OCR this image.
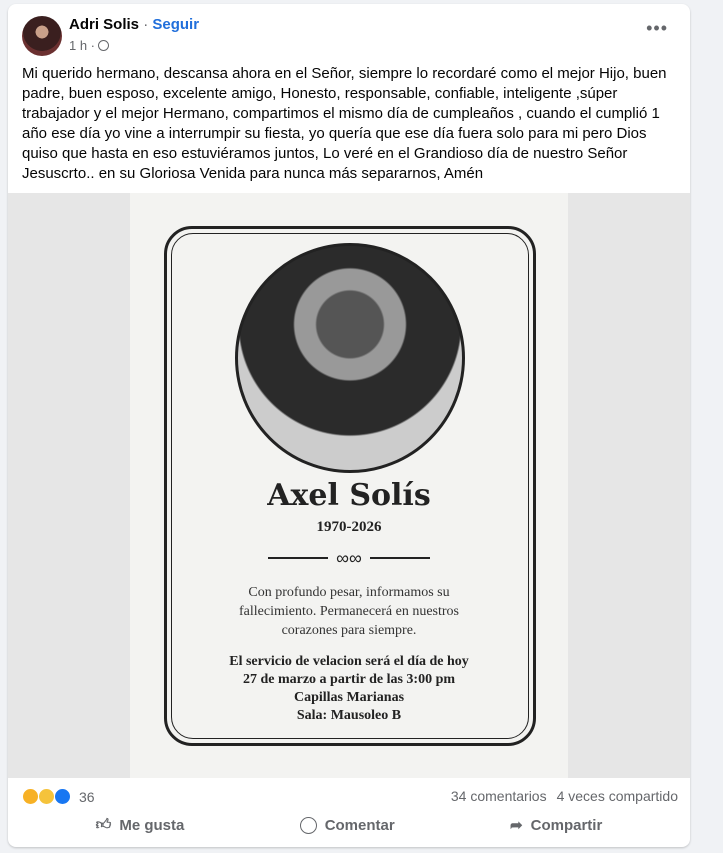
Adri Solis · Seguir
1 h ·
•••
Mi querido hermano, descansa ahora en el Señor, siempre lo recordaré como el mejor Hijo, buen padre, buen esposo, excelente amigo, Honesto, responsable, confiable, inteligente ,súper trabajador y el mejor Hermano, compartimos el mismo día de cumpleaños , cuando el cumplió 1 año ese día yo vine a interrumpir su fiesta, yo quería que ese día fuera solo para mi pero Dios quiso que hasta en eso estuviéramos juntos, Lo veré en el Grandioso día de nuestro Señor Jesuscrto.. en su Gloriosa Venida para nunca más separarnos, Amén
Axel Solís
1970-2026
∞∞
Con profundo pesar, informamos su
fallecimiento. Permanecerá en nuestros
corazones para siempre.
El servicio de velacion será el día de hoy
27 de marzo a partir de las 3:00 pm
Capillas Marianas
Sala: Mausoleo B
36	34 comentarios 4 veces compartido
👍︎ Me gusta	Comentar	➦ Compartir
